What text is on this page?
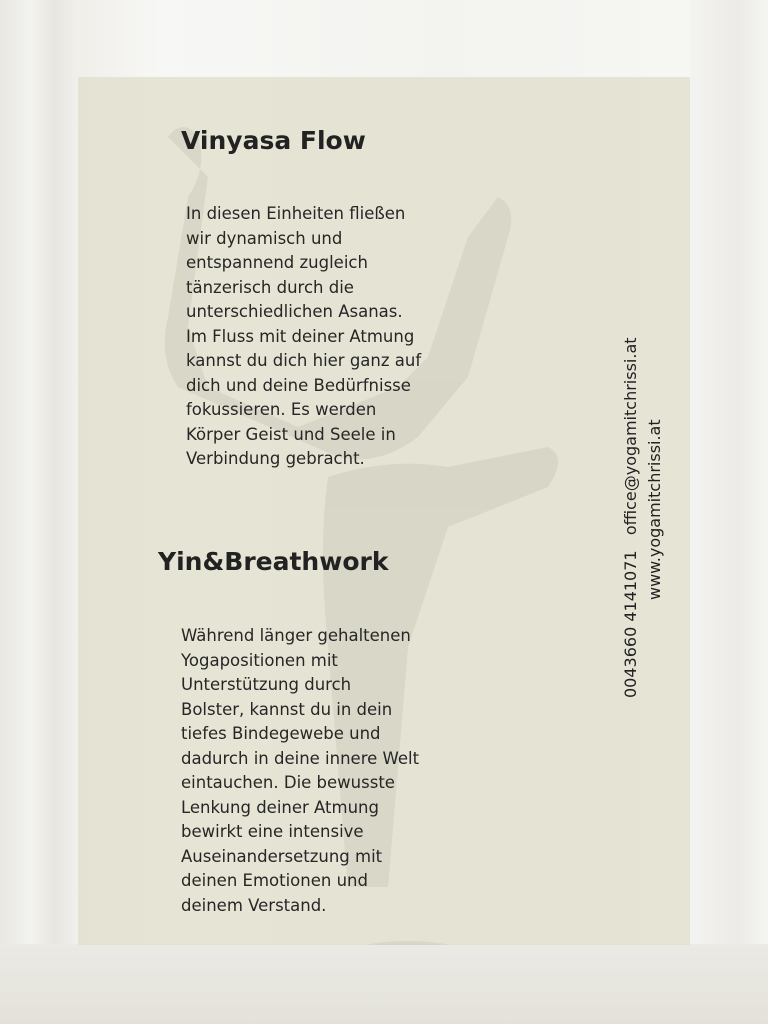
Vinyasa Flow

In diesen Einheiten fließen
wir dynamisch und
entspannend zugleich
tänzerisch durch die
unterschiedlichen Asanas.
Im Fluss mit deiner Atmung
kannst du dich hier ganz auf
dich und deine Bedürfnisse
fokussieren. Es werden
Körper Geist und Seele in
Verbindung gebracht.

Yin&Breathwork

Während länger gehaltenen
Yogapositionen mit
Unterstützung durch
Bolster, kannst du in dein
tiefes Bindegewebe und
dadurch in deine innere Welt
eintauchen. Die bewusste
Lenkung deiner Atmung
bewirkt eine intensive
Auseinandersetzung mit
deinen Emotionen und
deinem Verstand.

0043660 4141071   office@yogamitchrissi.at www.yogamitchrissi.at
